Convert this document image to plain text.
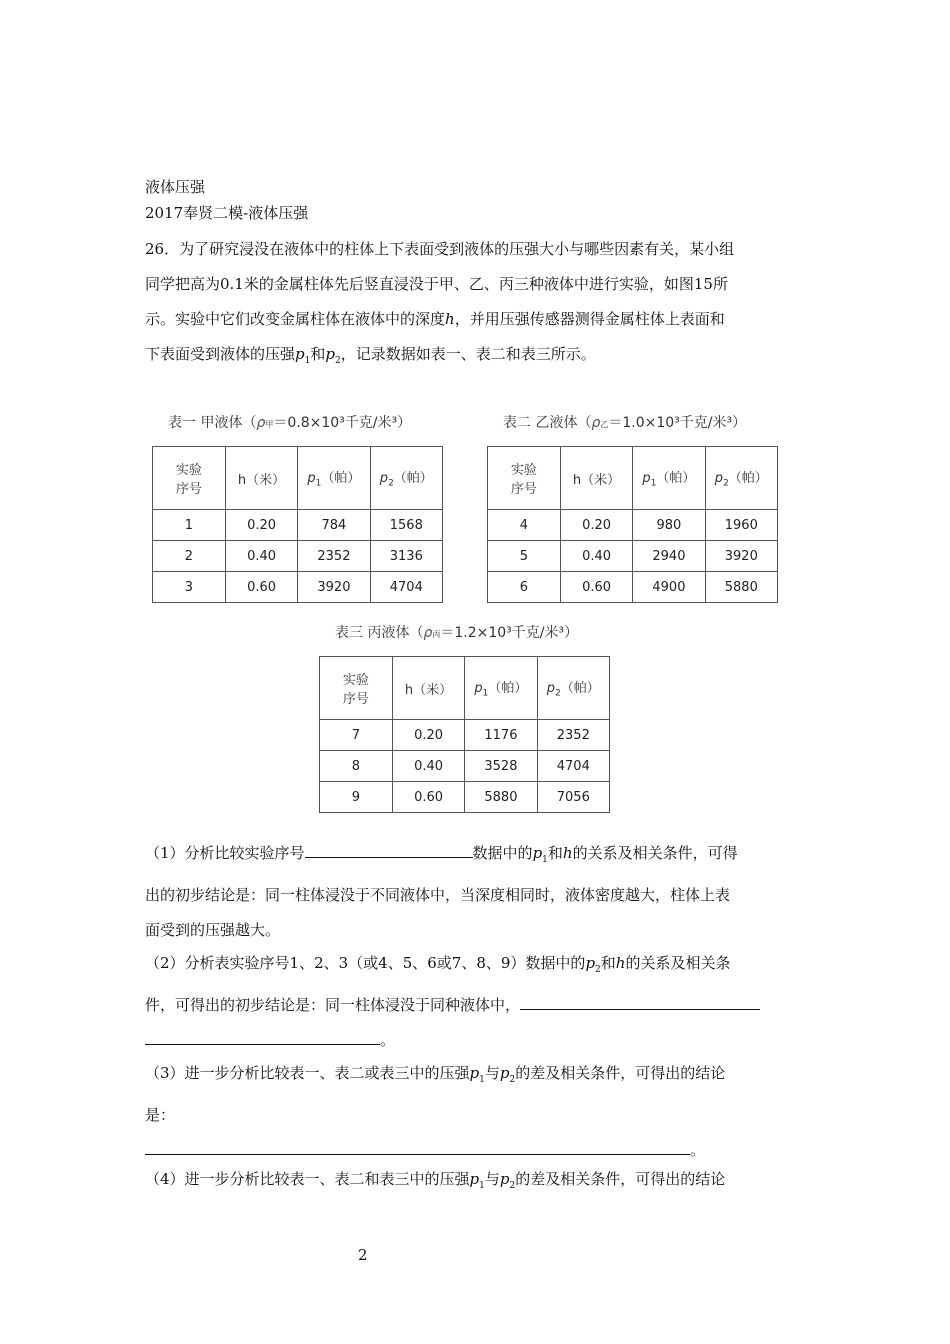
液体压强
2017奉贤二模-液体压强
26．为了研究浸没在液体中的柱体上下表面受到液体的压强大小与哪些因素有关，某小组
同学把高为0.1米的金属柱体先后竖直浸没于甲、乙、丙三种液体中进行实验，如图15所
示。实验中它们改变金属柱体在液体中的深度h，并用压强传感器测得金属柱体上表面和
下表面受到液体的压强$p_1$和$p_2$，记录数据如表一、表二和表三所示。
表一 甲液体（ρ甲＝0.8×10³千克/米³）
实验
序号	h（米）	$p_1$（帕）	$p_2$（帕）
1	0.20	784	1568
2	0.40	2352	3136
3	0.60	3920	4704
表二 乙液体（ρ乙＝1.0×10³千克/米³）
实验
序号	h（米）	$p_1$（帕）	$p_2$（帕）
4	0.20	980	1960
5	0.40	2940	3920
6	0.60	4900	5880
表三 丙液体（ρ丙＝1.2×10³千克/米³）
实验
序号	h（米）	$p_1$（帕）	$p_2$（帕）
7	0.20	1176	2352
8	0.40	3528	4704
9	0.60	5880	7056
（1）分析比较实验序号	数据中的$p_1$和h的关系及相关条件，可得
出的初步结论是：同一柱体浸没于不同液体中，当深度相同时，液体密度越大，柱体上表
面受到的压强越大。
（2）分析表实验序号1、2、3（或4、5、6或7、8、9）数据中的$p_2$和h的关系及相关条
件，可得出的初步结论是：同一柱体浸没于同种液体中，
。
（3）进一步分析比较表一、表二或表三中的压强$p_1$与$p_2$的差及相关条件，可得出的结论
是：
。
（4）进一步分析比较表一、表二和表三中的压强$p_1$与$p_2$的差及相关条件，可得出的结论
2
